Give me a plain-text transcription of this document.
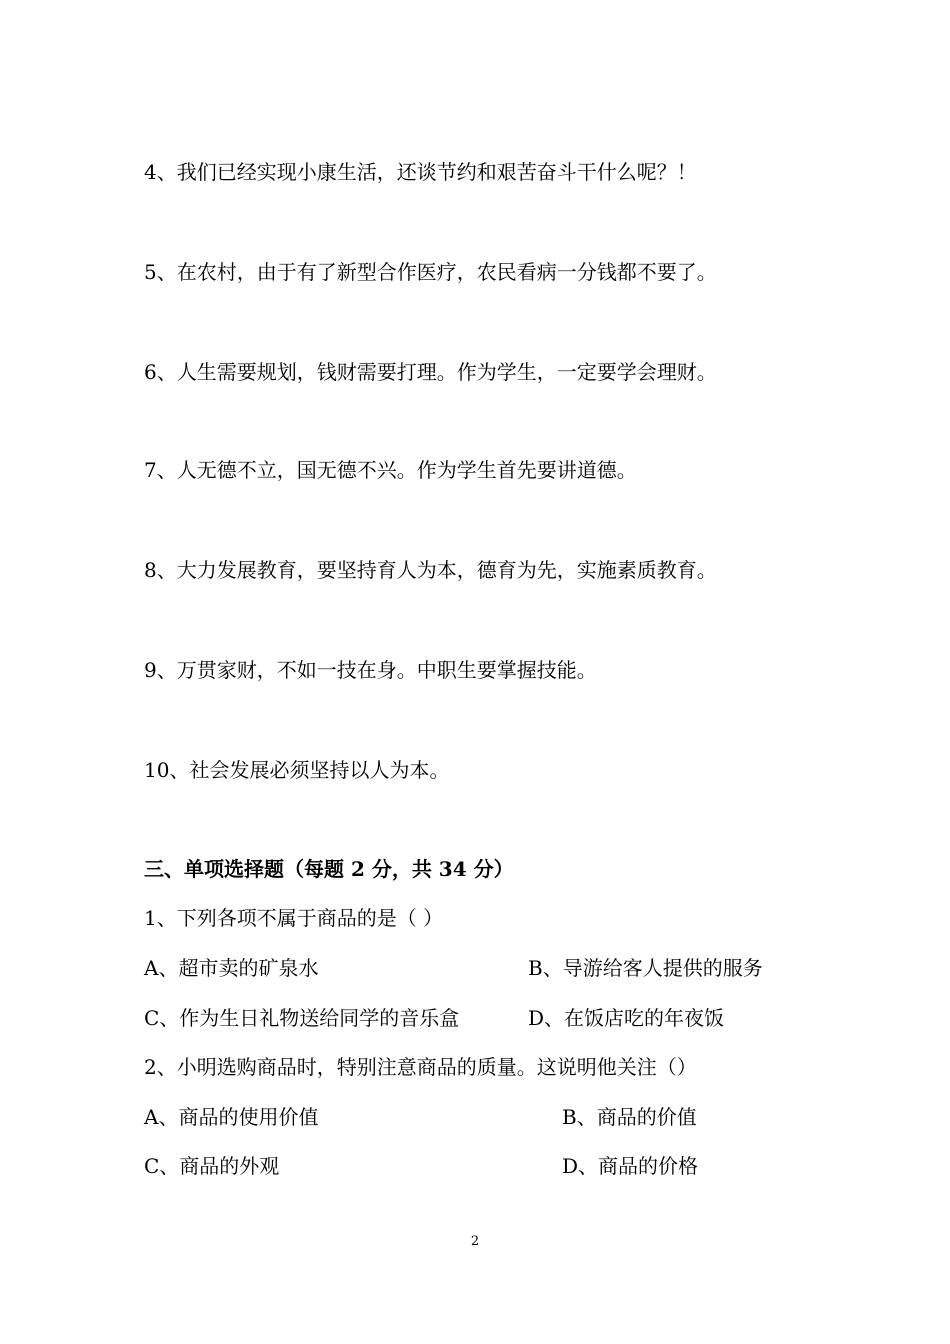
4、我们已经实现小康生活，还谈节约和艰苦奋斗干什么呢？！
5、在农村，由于有了新型合作医疗，农民看病一分钱都不要了。
6、人生需要规划，钱财需要打理。作为学生，一定要学会理财。
7、人无德不立，国无德不兴。作为学生首先要讲道德。
8、大力发展教育，要坚持育人为本，德育为先，实施素质教育。
9、万贯家财，不如一技在身。中职生要掌握技能。
10、社会发展必须坚持以人为本。
三、单项选择题（每题 2 分，共 34 分）
1、下列各项不属于商品的是（ ）
A、超市卖的矿泉水	B、导游给客人提供的服务
C、作为生日礼物送给同学的音乐盒	D、在饭店吃的年夜饭
2、小明选购商品时，特别注意商品的质量。这说明他关注（）
A、商品的使用价值	B、商品的价值
C、商品的外观	D、商品的价格
2
